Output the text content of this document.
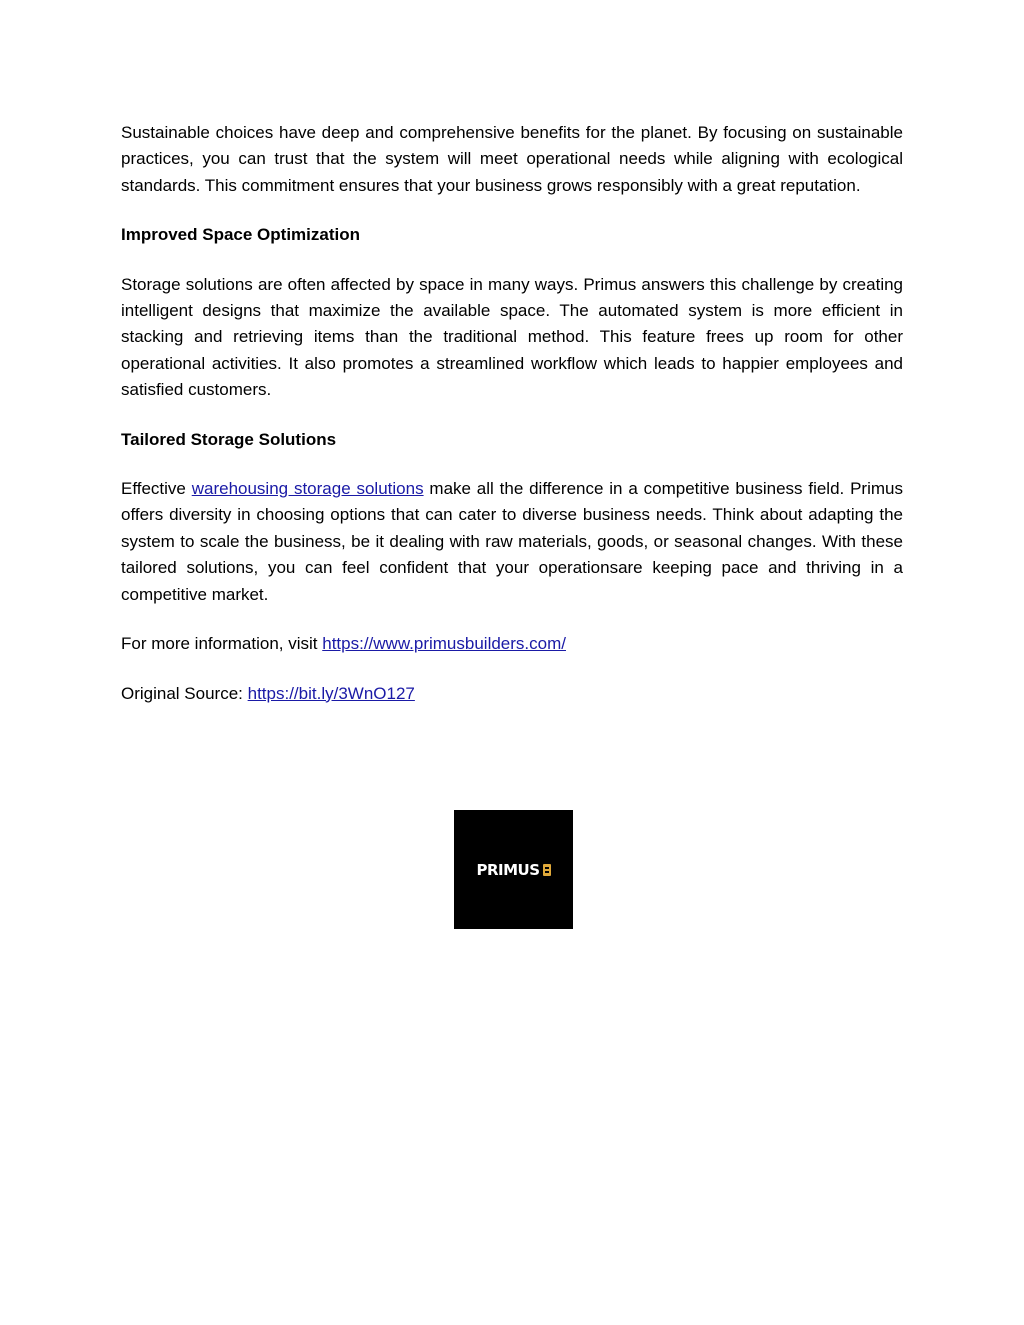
Sustainable choices have deep and comprehensive benefits for the planet. By focusing on sustainable practices, you can trust that the system will meet operational needs while aligning with ecological standards. This commitment ensures that your business grows responsibly with a great reputation.

Improved Space Optimization

Storage solutions are often affected by space in many ways. Primus answers this challenge by creating intelligent designs that maximize the available space. The automated system is more efficient in stacking and retrieving items than the traditional method. This feature frees up room for other operational activities. It also promotes a streamlined workflow which leads to happier employees and satisfied customers.

Tailored Storage Solutions

Effective warehousing storage solutions make all the difference in a competitive business field. Primus offers diversity in choosing options that can cater to diverse business needs. Think about adapting the system to scale the business, be it dealing with raw materials, goods, or seasonal changes. With these tailored solutions, you can feel confident that your operationsare keeping pace and thriving in a competitive market.

For more information, visit https://www.primusbuilders.com/

Original Source: https://bit.ly/3WnO127

PRIMUS
